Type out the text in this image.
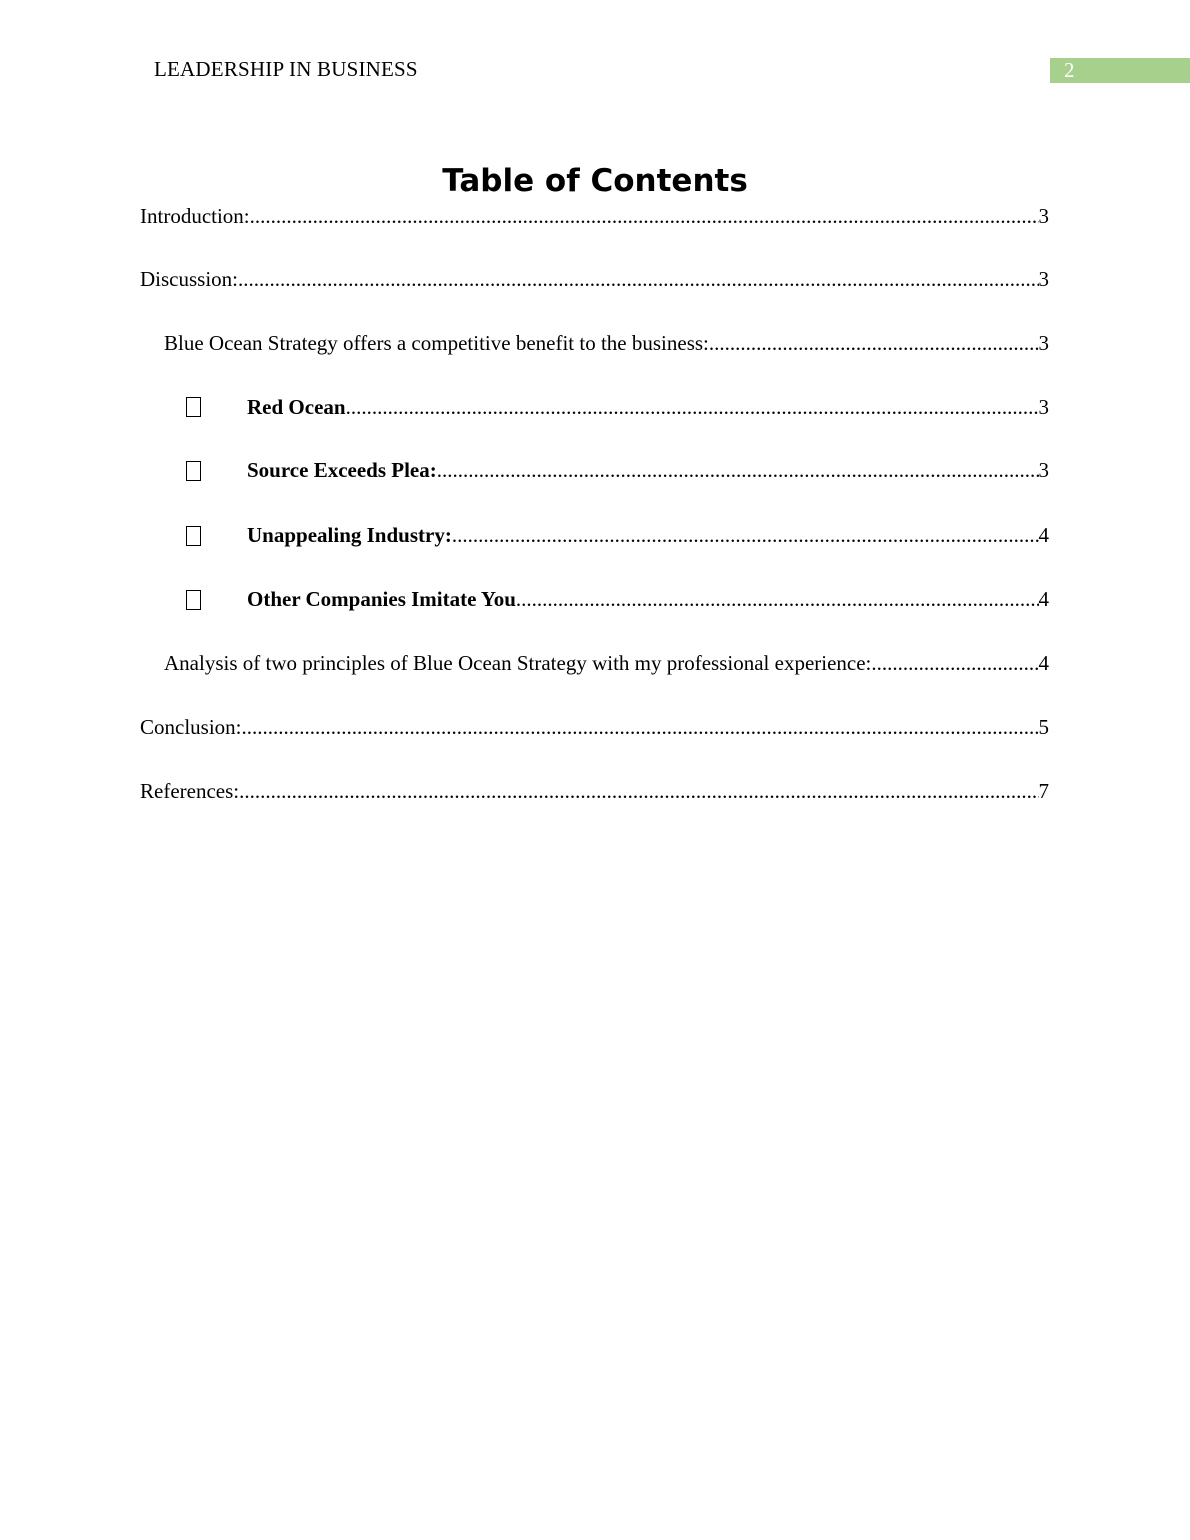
LEADERSHIP IN BUSINESS	2
Table of Contents
Introduction: .....	3
Discussion: .....	3
Blue Ocean Strategy offers a competitive benefit to the business: .....	3
Red Ocean .....	3
Source Exceeds Plea: .....	3
Unappealing Industry: .....	4
Other Companies Imitate You .....	4
Analysis of two principles of Blue Ocean Strategy with my professional experience: .....	4
Conclusion: .....	5
References: .....	7
